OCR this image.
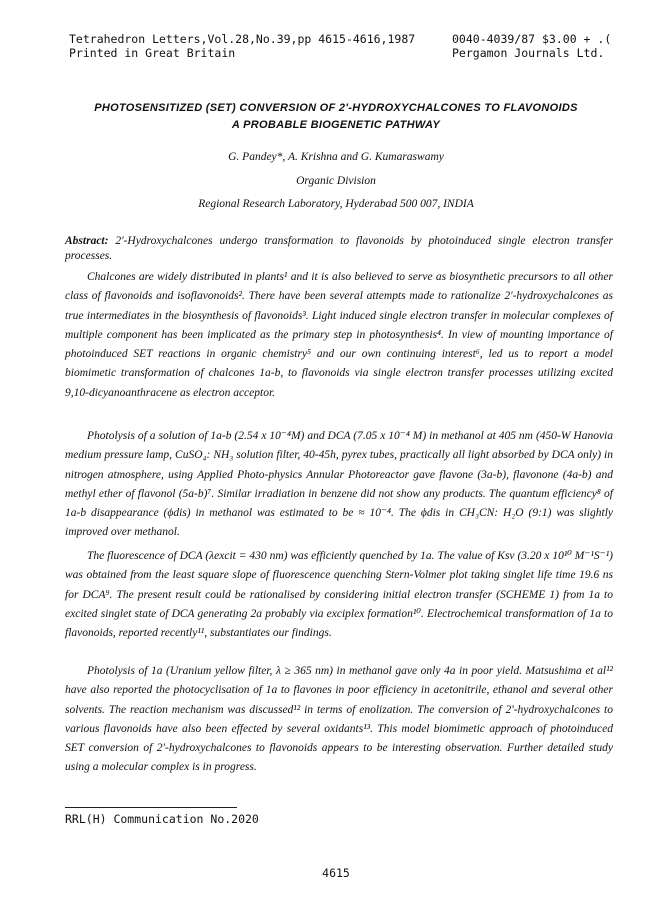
Tetrahedron Letters,Vol.28,No.39,pp 4615-4616,1987
Printed in Great Britain
0040-4039/87 $3.00 + .(
Pergamon Journals Ltd.
PHOTOSENSITIZED (SET) CONVERSION OF 2'-HYDROXYCHALCONES TO FLAVONOIDS
A PROBABLE BIOGENETIC PATHWAY
G. Pandey*, A. Krishna and G. Kumaraswamy
Organic Division
Regional Research Laboratory, Hyderabad 500 007, INDIA
Abstract: 2'-Hydroxychalcones undergo transformation to flavonoids by photoinduced single electron transfer processes.

Chalcones are widely distributed in plants¹ and it is also believed to serve as biosynthetic precursors to all other class of flavonoids and isoflavonoids². There have been several attempts made to rationalize 2'-hydroxychalcones as true intermediates in the biosynthesis of flavonoids³. Light induced single electron transfer in molecular complexes of multiple component has been implicated as the primary step in photosynthesis⁴. In view of mounting importance of photoinduced SET reactions in organic chemistry⁵ and our own continuing interest⁶, led us to report a model biomimetic transformation of chalcones 1a-b, to flavonoids via single electron transfer processes utilizing excited 9,10-dicyanoanthracene as electron acceptor.

Photolysis of a solution of 1a-b (2.54 x 10⁻⁴M) and DCA (7.05 x 10⁻⁴ M) in methanol at 405 nm (450-W Hanovia medium pressure lamp, CuSO₄: NH₃ solution filter, 40-45h, pyrex tubes, practically all light absorbed by DCA only) in nitrogen atmosphere, using Applied Photo-physics Annular Photoreactor gave flavone (3a-b), flavonone (4a-b) and methyl ether of flavonol (5a-b)⁷. Similar irradiation in benzene did not show any products. The quantum efficiency⁸ of 1a-b disappearance (ϕdis) in methanol was estimated to be ≈ 10⁻⁴. The ϕdis in CH₃CN: H₂O (9:1) was slightly improved over methanol.

The fluorescence of DCA (λexcit = 430 nm) was efficiently quenched by 1a. The value of Ksv (3.20 x 10¹⁰ M⁻¹S⁻¹) was obtained from the least square slope of fluorescence quenching Stern-Volmer plot taking singlet life time 19.6 ns for DCA⁹. The present result could be rationalised by considering initial electron transfer (SCHEME 1) from 1a to excited singlet state of DCA generating 2a probably via exciplex formation¹⁰. Electrochemical transformation of 1a to flavonoids, reported recently¹¹, substantiates our findings.

Photolysis of 1a (Uranium yellow filter, λ ≥ 365 nm) in methanol gave only 4a in poor yield. Matsushima et al¹² have also reported the photocyclisation of 1a to flavones in poor efficiency in acetonitrile, ethanol and several other solvents. The reaction mechanism was discussed¹² in terms of enolization. The conversion of 2'-hydroxychalcones to various flavonoids have also been effected by several oxidants¹³. This model biomimetic approach of photoinduced SET conversion of 2'-hydroxychalcones to flavonoids appears to be interesting observation. Further detailed study using a molecular complex is in progress.

RRL(H) Communication No.2020
4615
